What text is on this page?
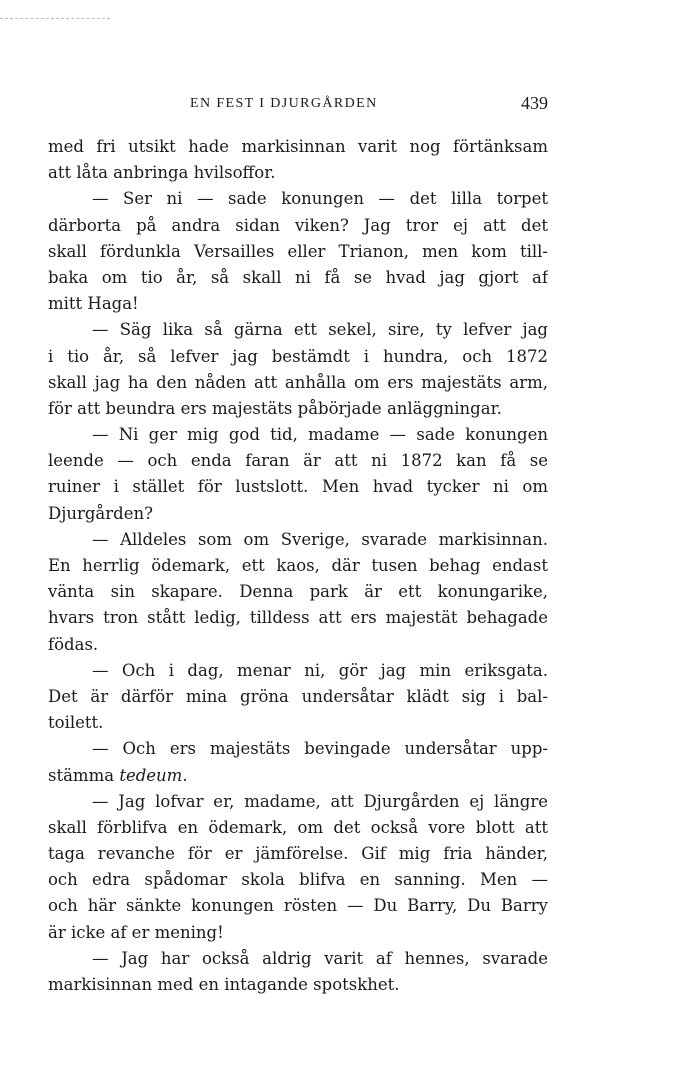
EN FEST I DJURGÅRDEN	439
med fri utsikt hade markisinnan varit nog förtänksam
att låta anbringa hvilsoffor.
— Ser ni — sade konungen — det lilla torpet
därborta på andra sidan viken? Jag tror ej att det
skall fördunkla Versailles eller Trianon, men kom till-
baka om tio år, så skall ni få se hvad jag gjort af
mitt Haga!
— Säg lika så gärna ett sekel, sire, ty lefver jag
i tio år, så lefver jag bestämdt i hundra, och 1872
skall jag ha den nåden att anhålla om ers majestäts arm,
för att beundra ers majestäts påbörjade anläggningar.
— Ni ger mig god tid, madame — sade konungen
leende — och enda faran är att ni 1872 kan få se
ruiner i stället för lustslott. Men hvad tycker ni om
Djurgården?
— Alldeles som om Sverige, svarade markisinnan.
En herrlig ödemark, ett kaos, där tusen behag endast
vänta sin skapare. Denna park är ett konungarike,
hvars tron stått ledig, tilldess att ers majestät behagade
födas.
— Och i dag, menar ni, gör jag min eriksgata.
Det är därför mina gröna undersåtar klädt sig i bal-
toilett.
— Och ers majestäts bevingade undersåtar upp-
stämma tedeum.
— Jag lofvar er, madame, att Djurgården ej längre
skall förblifva en ödemark, om det också vore blott att
taga revanche för er jämförelse. Gif mig fria händer,
och edra spådomar skola blifva en sanning. Men —
och här sänkte konungen rösten — Du Barry, Du Barry
är icke af er mening!
— Jag har också aldrig varit af hennes, svarade
markisinnan med en intagande spotskhet.
